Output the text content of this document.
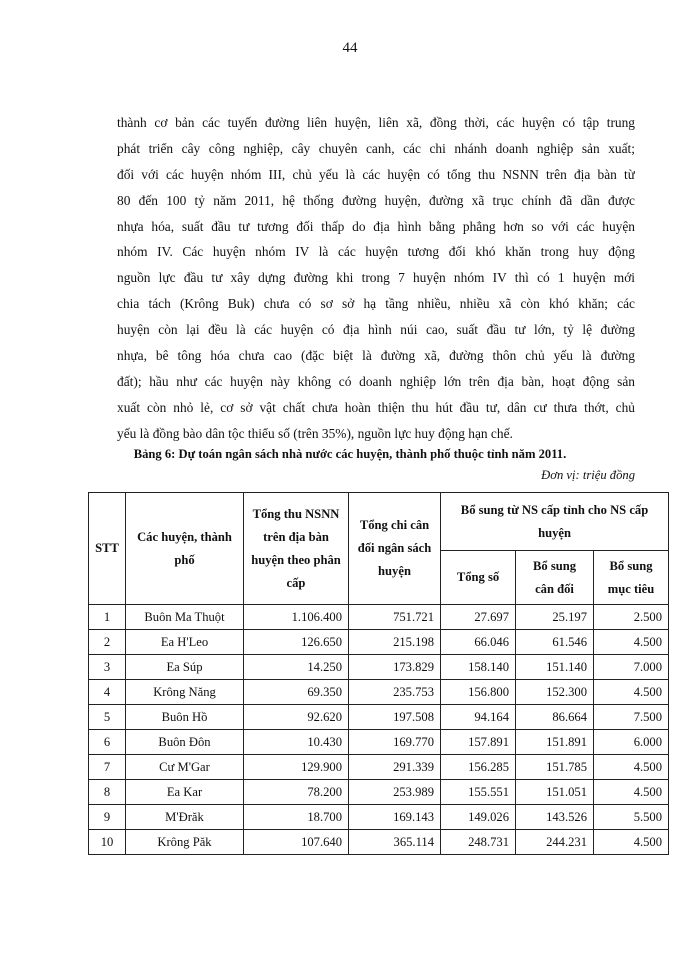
44
thành cơ bản các tuyến đường liên huyện, liên xã, đồng thời, các huyện có tập trung
phát triển cây công nghiệp, cây chuyên canh, các chi nhánh doanh nghiệp sản xuất;
đối với các huyện nhóm III, chủ yếu là các huyện có tổng thu NSNN trên địa bàn từ
80 đến 100 tỷ năm 2011, hệ thống đường huyện, đường xã trục chính đã dần được
nhựa hóa, suất đầu tư tương đối thấp do địa hình bằng phẳng hơn so với các huyện
nhóm IV. Các huyện nhóm IV là các huyện tương đối khó khăn trong huy động
nguồn lực đầu tư xây dựng đường khi trong 7 huyện nhóm IV thì có 1 huyện mới
chia tách (Krông Buk) chưa có sơ sở hạ tầng nhiều, nhiều xã còn khó khăn; các
huyện còn lại đều là các huyện có địa hình núi cao, suất đầu tư lớn, tỷ lệ đường
nhựa, bê tông hóa chưa cao (đặc biệt là đường xã, đường thôn chủ yếu là đường
đất); hầu như các huyện này không có doanh nghiệp lớn trên địa bàn, hoạt động sản
xuất còn nhỏ lẻ, cơ sở vật chất chưa hoàn thiện thu hút đầu tư, dân cư thưa thớt, chủ
yếu là đồng bào dân tộc thiểu số (trên 35%), nguồn lực huy động hạn chế.
Bảng 6: Dự toán ngân sách nhà nước các huyện, thành phố thuộc tỉnh năm 2011.
Đơn vị: triệu đồng
STT	Các huyện, thành phố	Tổng thu NSNN trên địa bàn huyện theo phân cấp	Tổng chi cân đối ngân sách huyện	Bổ sung từ NS cấp tỉnh cho NS cấp huyện		
				Tổng số	Bổ sung cân đối	Bổ sung mục tiêu
1	Buôn Ma Thuột	1.106.400	751.721	27.697	25.197	2.500
2	Ea H'Leo	126.650	215.198	66.046	61.546	4.500
3	Ea Súp	14.250	173.829	158.140	151.140	7.000
4	Krông Năng	69.350	235.753	156.800	152.300	4.500
5	Buôn Hồ	92.620	197.508	94.164	86.664	7.500
6	Buôn Đôn	10.430	169.770	157.891	151.891	6.000
7	Cư M'Gar	129.900	291.339	156.285	151.785	4.500
8	Ea Kar	78.200	253.989	155.551	151.051	4.500
9	M'Đrăk	18.700	169.143	149.026	143.526	5.500
10	Krông Păk	107.640	365.114	248.731	244.231	4.500
